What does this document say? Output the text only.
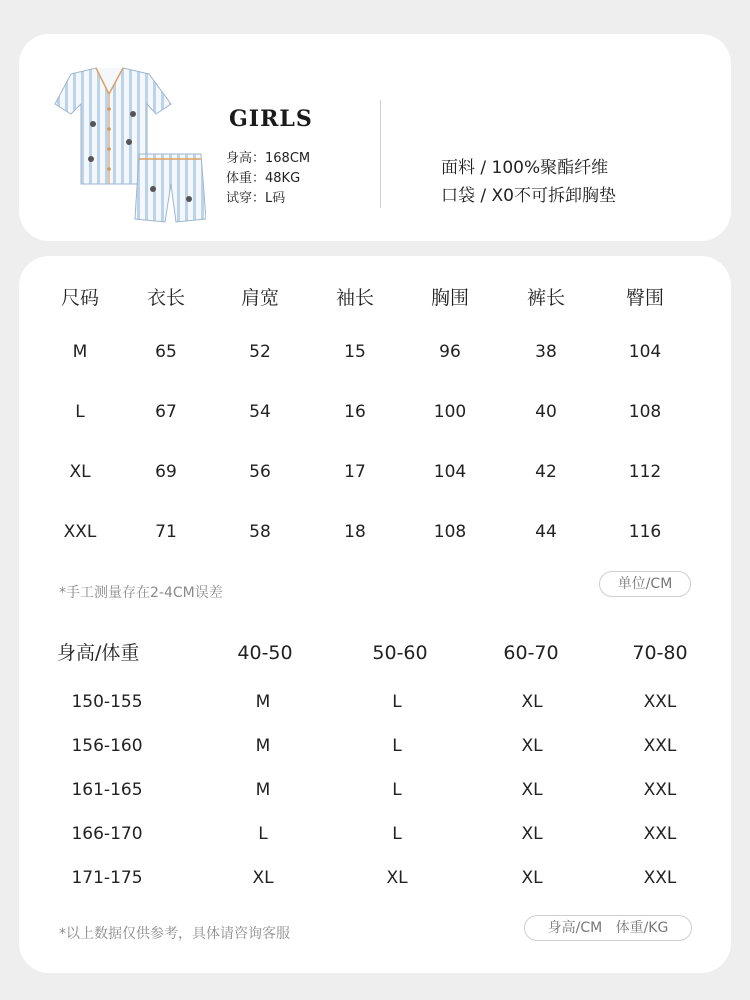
GIRLS
身高：168CM
体重：48KG
试穿：L码
面料 / 100%聚酯纤维
口袋 / X0不可拆卸胸垫
尺码	衣长	肩宽	袖长	胸围	裤长	臀围
M	65	52	15	96	38	104
L	67	54	16	100	40	108
XL	69	56	17	104	42	112
XXL	71	58	18	108	44	116
*手工测量存在2-4CM误差
单位/CM
身高/体重	40-50	50-60	60-70	70-80
150-155	M	L	XL	XXL
156-160	M	L	XL	XXL
161-165	M	L	XL	XXL
166-170	L	L	XL	XXL
171-175	XL	XL	XL	XXL
*以上数据仅供参考，具体请咨询客服	身高/CM   体重/KG
